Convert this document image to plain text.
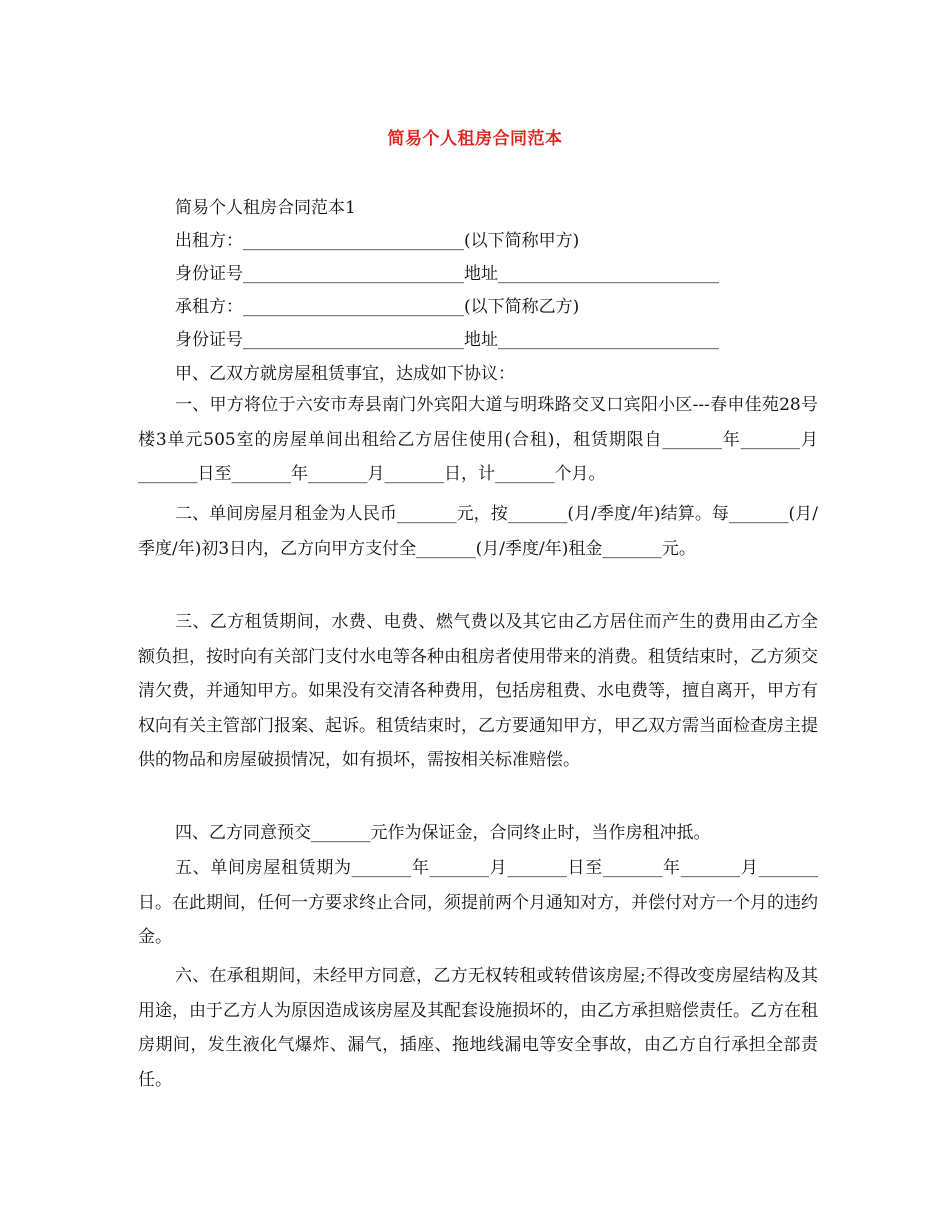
简易个人租房合同范本
简易个人租房合同范本1
出租方：__________________________(以下简称甲方)
身份证号__________________________地址__________________________
承租方：__________________________(以下简称乙方)
身份证号__________________________地址__________________________
甲、乙双方就房屋租赁事宜，达成如下协议：

一、甲方将位于六安市寿县南门外宾阳大道与明珠路交叉口宾阳小区---春申佳苑28号楼3单元505室的房屋单间出租给乙方居住使用(合租)，租赁期限自_______年_______月_______日至_______年_______月_______日，计_______个月。

二、单间房屋月租金为人民币_______元，按_______(月/季度/年)结算。每_______(月/季度/年)初3日内，乙方向甲方支付全_______(月/季度/年)租金_______元。

三、乙方租赁期间，水费、电费、燃气费以及其它由乙方居住而产生的费用由乙方全额负担，按时向有关部门支付水电等各种由租房者使用带来的消费。租赁结束时，乙方须交清欠费，并通知甲方。如果没有交清各种费用，包括房租费、水电费等，擅自离开，甲方有权向有关主管部门报案、起诉。租赁结束时，乙方要通知甲方，甲乙双方需当面检查房主提供的物品和房屋破损情况，如有损坏，需按相关标准赔偿。

四、乙方同意预交_______元作为保证金，合同终止时，当作房租冲抵。

五、单间房屋租赁期为_______年_______月_______日至_______年_______月_______日。在此期间，任何一方要求终止合同，须提前两个月通知对方，并偿付对方一个月的违约金。

六、在承租期间，未经甲方同意，乙方无权转租或转借该房屋;不得改变房屋结构及其用途，由于乙方人为原因造成该房屋及其配套设施损坏的，由乙方承担赔偿责任。乙方在租房期间，发生液化气爆炸、漏气，插座、拖地线漏电等安全事故，由乙方自行承担全部责任。
